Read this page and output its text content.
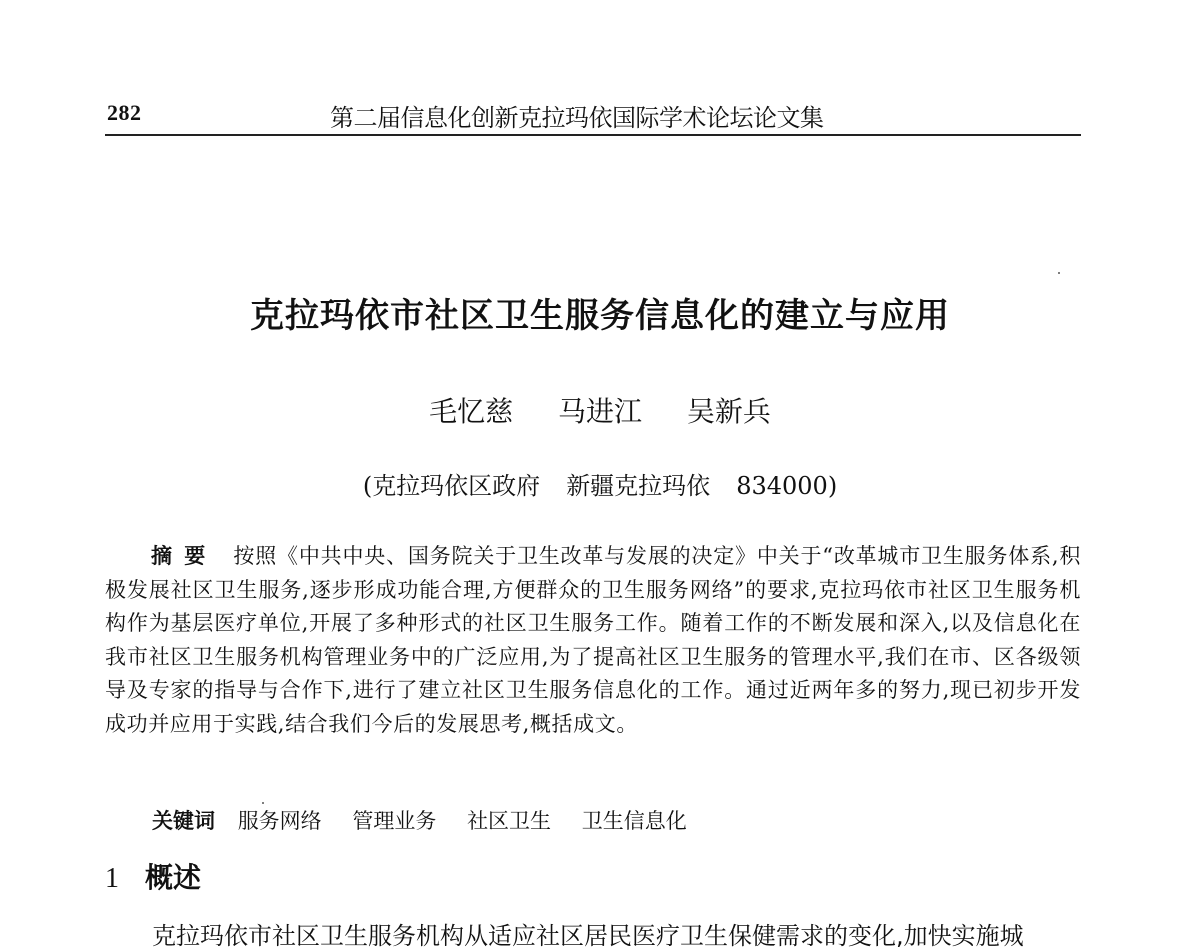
282	第二届信息化创新克拉玛依国际学术论坛论文集
克拉玛依市社区卫生服务信息化的建立与应用
毛忆慈 马进江 吴新兵
(克拉玛依区政府 新疆克拉玛依 834000)
摘要 按照《中共中央、国务院关于卫生改革与发展的决定》中关于“改革城市卫生服务体系,积极发展社区卫生服务,逐步形成功能合理,方便群众的卫生服务网络”的要求,克拉玛依市社区卫生服务机构作为基层医疗单位,开展了多种形式的社区卫生服务工作。随着工作的不断发展和深入,以及信息化在我市社区卫生服务机构管理业务中的广泛应用,为了提高社区卫生服务的管理水平,我们在市、区各级领导及专家的指导与合作下,进行了建立社区卫生服务信息化的工作。通过近两年多的努力,现已初步开发成功并应用于实践,结合我们今后的发展思考,概括成文。
关键词 服务网络 管理业务 社区卫生 卫生信息化
1 概述
克拉玛依市社区卫生服务机构从适应社区居民医疗卫生保健需求的变化,加快实施城
